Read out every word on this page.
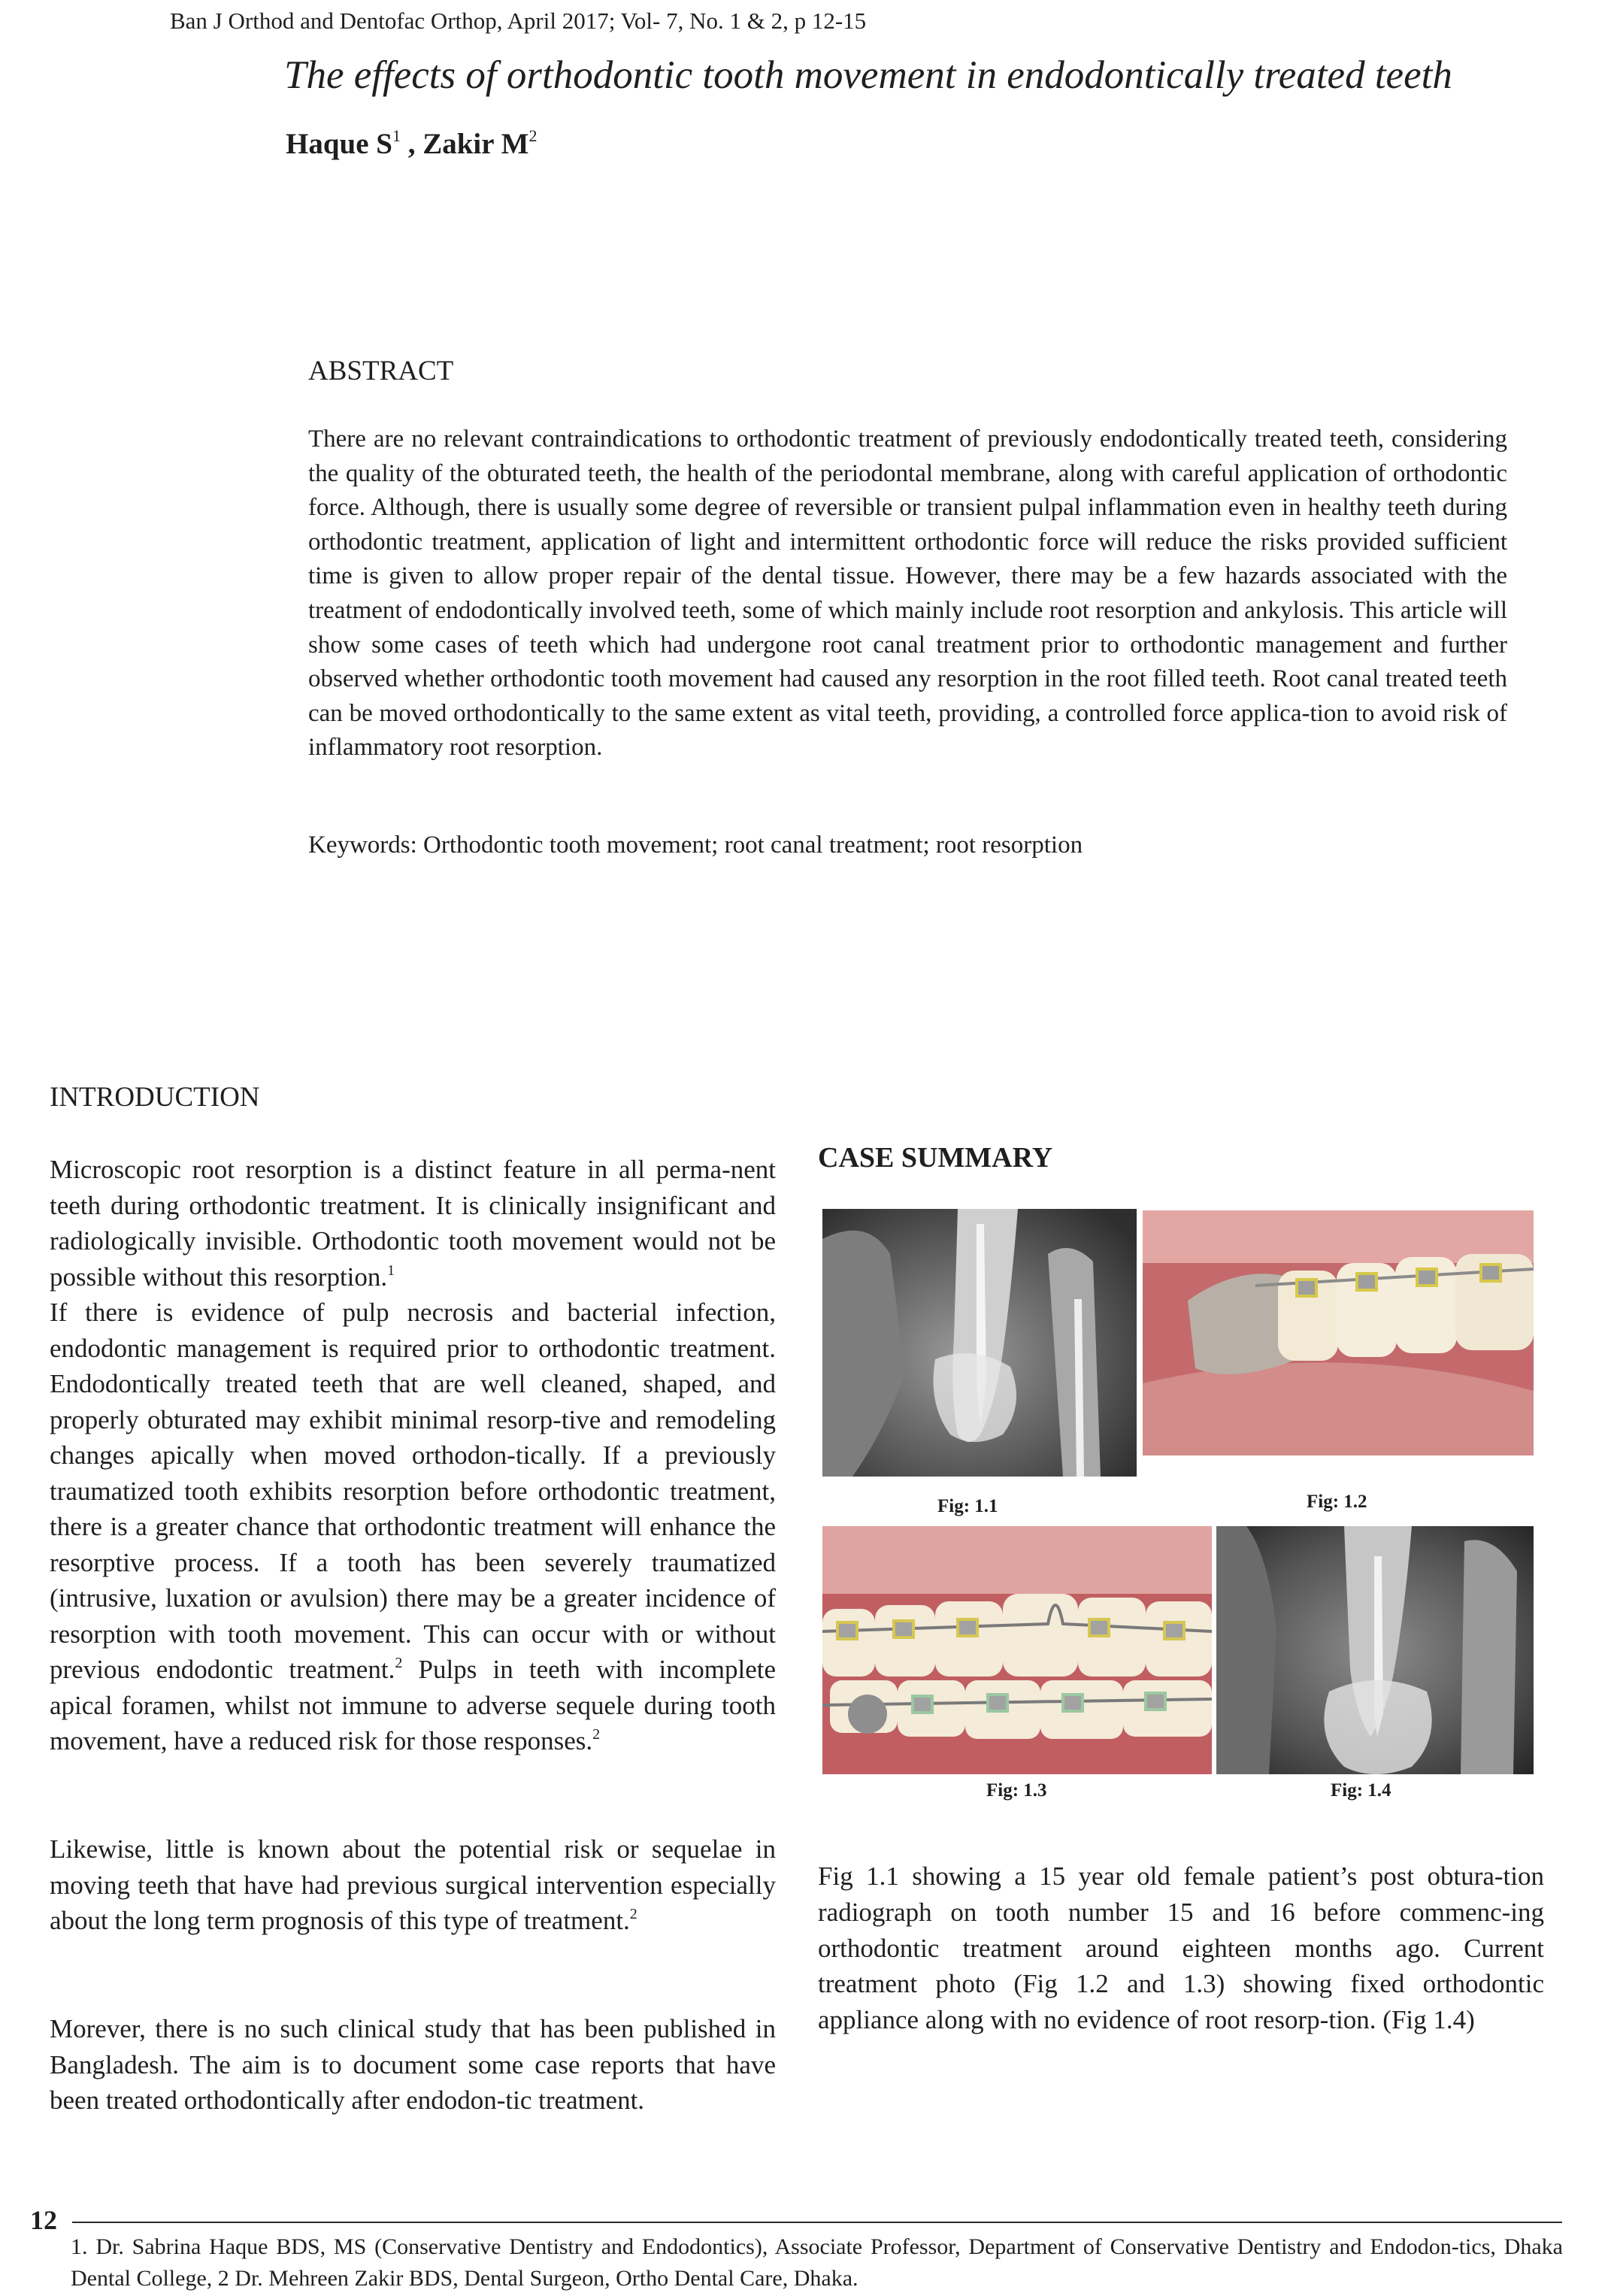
Ban J Orthod and Dentofac Orthop, April 2017; Vol- 7, No. 1 & 2, p 12-15
The effects of orthodontic tooth movement in endodontically treated teeth
Haque $S^1$ , Zakir $M^2$
ABSTRACT
There are no relevant contraindications to orthodontic treatment of previously endodontically treated teeth, considering the quality of the obturated teeth, the health of the periodontal membrane, along with careful application of orthodontic force. Although, there is usually some degree of reversible or transient pulpal inflammation even in healthy teeth during orthodontic treatment, application of light and intermittent orthodontic force will reduce the risks provided sufficient time is given to allow proper repair of the dental tissue. However, there may be a few hazards associated with the treatment of endodontically involved teeth, some of which mainly include root resorption and ankylosis. This article will show some cases of teeth which had undergone root canal treatment prior to orthodontic management and further observed whether orthodontic tooth movement had caused any resorption in the root filled teeth. Root canal treated teeth can be moved orthodontically to the same extent as vital teeth, providing, a controlled force applica-tion to avoid risk of inflammatory root resorption.
Keywords: Orthodontic tooth movement; root canal treatment; root resorption
INTRODUCTION

Microscopic root resorption is a distinct feature in all perma-nent teeth during orthodontic treatment. It is clinically insignificant and radiologically invisible. Orthodontic tooth movement would not be possible without this resorption.$^1$

If there is evidence of pulp necrosis and bacterial infection, endodontic management is required prior to orthodontic treatment. Endodontically treated teeth that are well cleaned, shaped, and properly obturated may exhibit minimal resorp-tive and remodeling changes apically when moved orthodon-tically. If a previously traumatized tooth exhibits resorption before orthodontic treatment, there is a greater chance that orthodontic treatment will enhance the resorptive process. If a tooth has been severely traumatized (intrusive, luxation or avulsion) there may be a greater incidence of resorption with tooth movement. This can occur with or without previous endodontic treatment.$^2$ Pulps in teeth with incomplete apical foramen, whilst not immune to adverse sequele during tooth movement, have a reduced risk for those responses.$^2$

Likewise, little is known about the potential risk or sequelae in moving teeth that have had previous surgical intervention especially about the long term prognosis of this type of treatment.$^2$

Morever, there is no such clinical study that has been published in Bangladesh. The aim is to document some case reports that have been treated orthodontically after endodon-tic treatment.

CASE SUMMARY
Fig: 1.1	Fig: 1.2
Fig: 1.3	Fig: 1.4
Fig 1.1 showing a 15 year old female patient’s post obtura-tion radiograph on tooth number 15 and 16 before commenc-ing orthodontic treatment around eighteen months ago. Current treatment photo (Fig 1.2 and 1.3) showing fixed orthodontic appliance along with no evidence of root resorp-tion. (Fig 1.4)
12
1. Dr. Sabrina Haque BDS, MS (Conservative Dentistry and Endodontics), Associate Professor, Department of Conservative Dentistry and Endodon-tics, Dhaka Dental College, 2 Dr. Mehreen Zakir BDS, Dental Surgeon, Ortho Dental Care, Dhaka.
